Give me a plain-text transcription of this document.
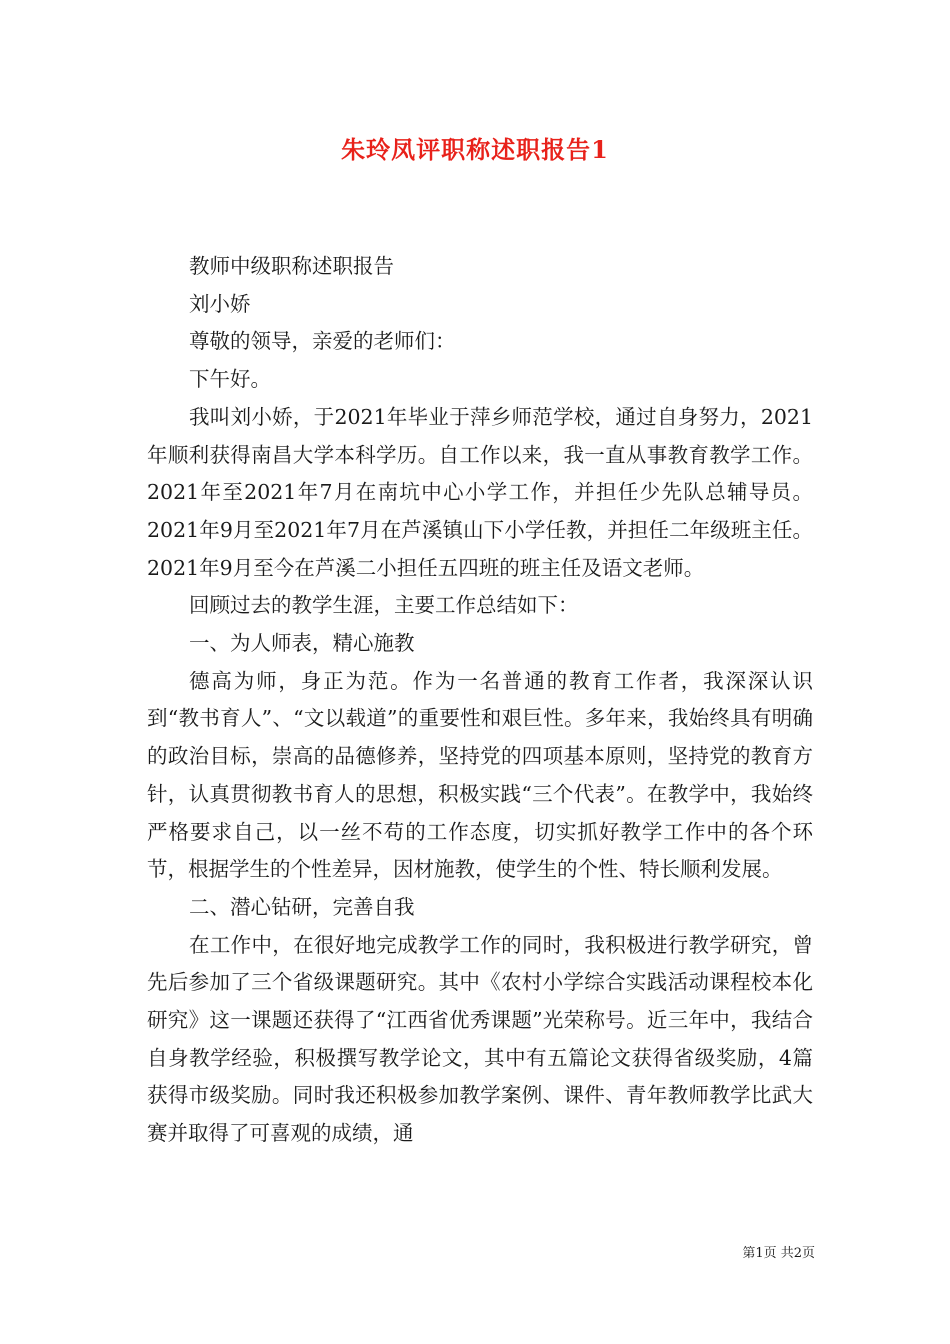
朱玲凤评职称述职报告1

教师中级职称述职报告

刘小娇

尊敬的领导，亲爱的老师们：

下午好。

我叫刘小娇，于2021年毕业于萍乡师范学校，通过自身努力，2021年顺利获得南昌大学本科学历。自工作以来，我一直从事教育教学工作。2021年至2021年7月在南坑中心小学工作，并担任少先队总辅导员。2021年9月至2021年7月在芦溪镇山下小学任教，并担任二年级班主任。2021年9月至今在芦溪二小担任五四班的班主任及语文老师。

回顾过去的教学生涯，主要工作总结如下：

一、为人师表，精心施教

德高为师，身正为范。作为一名普通的教育工作者，我深深认识到“教书育人”、“文以载道”的重要性和艰巨性。多年来，我始终具有明确的政治目标，崇高的品德修养，坚持党的四项基本原则，坚持党的教育方针，认真贯彻教书育人的思想，积极实践“三个代表”。在教学中，我始终严格要求自己，以一丝不苟的工作态度，切实抓好教学工作中的各个环节，根据学生的个性差异，因材施教，使学生的个性、特长顺利发展。

二、潜心钻研，完善自我

在工作中，在很好地完成教学工作的同时，我积极进行教学研究，曾先后参加了三个省级课题研究。其中《农村小学综合实践活动课程校本化研究》这一课题还获得了“江西省优秀课题”光荣称号。近三年中，我结合自身教学经验，积极撰写教学论文，其中有五篇论文获得省级奖励，4篇获得市级奖励。同时我还积极参加教学案例、课件、青年教师教学比武大赛并取得了可喜观的成绩，通

第1页 共2页
